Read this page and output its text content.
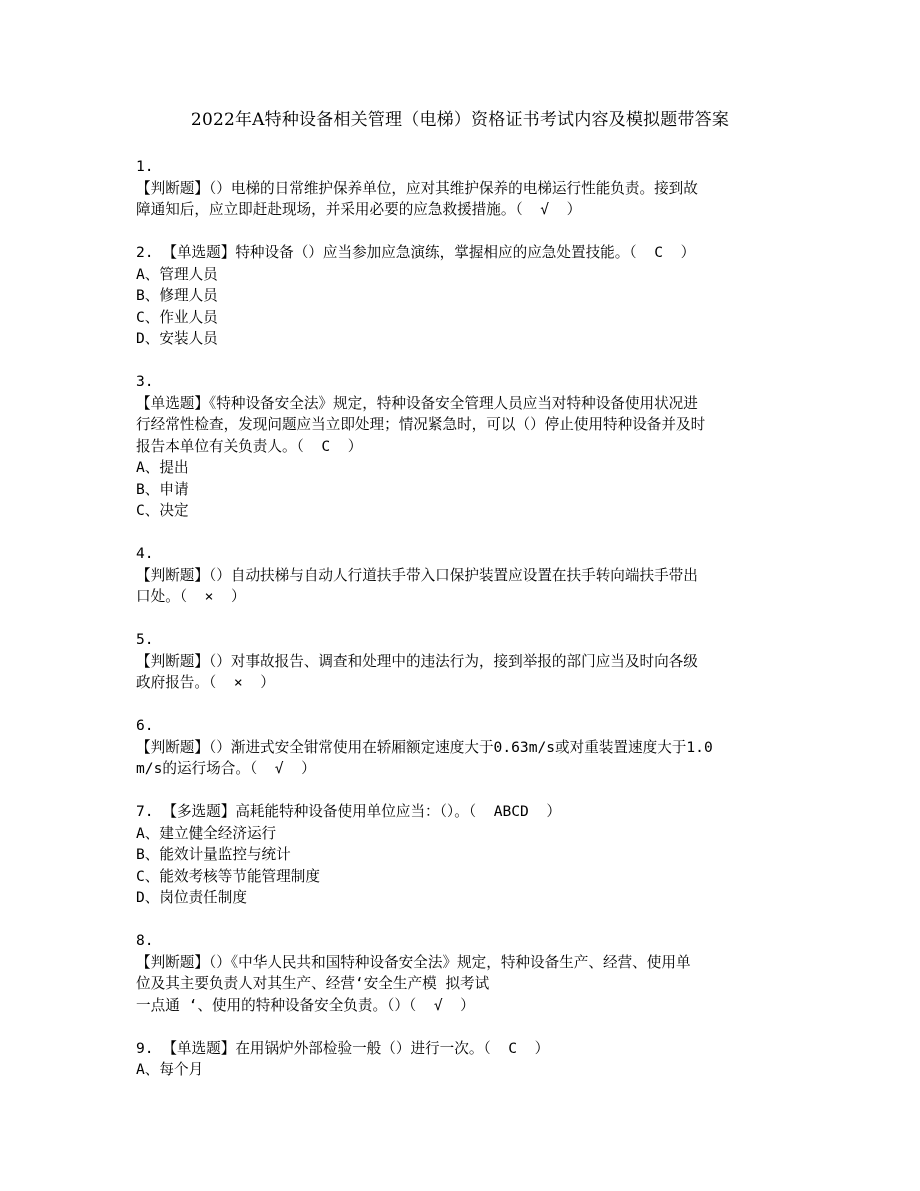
2022年A特种设备相关管理（电梯）资格证书考试内容及模拟题带答案
1.
【判断题】（）电梯的日常维护保养单位，应对其维护保养的电梯运行性能负责。接到故
障通知后，应立即赶赴现场，并采用必要的应急救援措施。（  √  ）
2. 【单选题】特种设备（）应当参加应急演练，掌握相应的应急处置技能。（  C  ）
A、管理人员
B、修理人员
C、作业人员
D、安装人员
3.
【单选题】《特种设备安全法》规定，特种设备安全管理人员应当对特种设备使用状况进
行经常性检查，发现问题应当立即处理；情况紧急时，可以（）停止使用特种设备并及时
报告本单位有关负责人。（  C  ）
A、提出
B、申请
C、决定
4.
【判断题】（）自动扶梯与自动人行道扶手带入口保护装置应设置在扶手转向端扶手带出
口处。（  ×  ）
5.
【判断题】（）对事故报告、调查和处理中的违法行为，接到举报的部门应当及时向各级
政府报告。（  ×  ）
6.
【判断题】（）渐进式安全钳常使用在轿厢额定速度大于0.63m/s或对重装置速度大于1.0
m/s的运行场合。（  √  ）
7. 【多选题】高耗能特种设备使用单位应当：（）。（  ABCD  ）
A、建立健全经济运行
B、能效计量监控与统计
C、能效考核等节能管理制度
D、岗位责任制度
8.
【判断题】（）《中华人民共和国特种设备安全法》规定，特种设备生产、经营、使用单
位及其主要负责人对其生产、经营‘安全生产模 拟考试
一点通 ‘、使用的特种设备安全负责。（）（  √  ）
9. 【单选题】在用锅炉外部检验一般（）进行一次。（  C  ）
A、每个月
